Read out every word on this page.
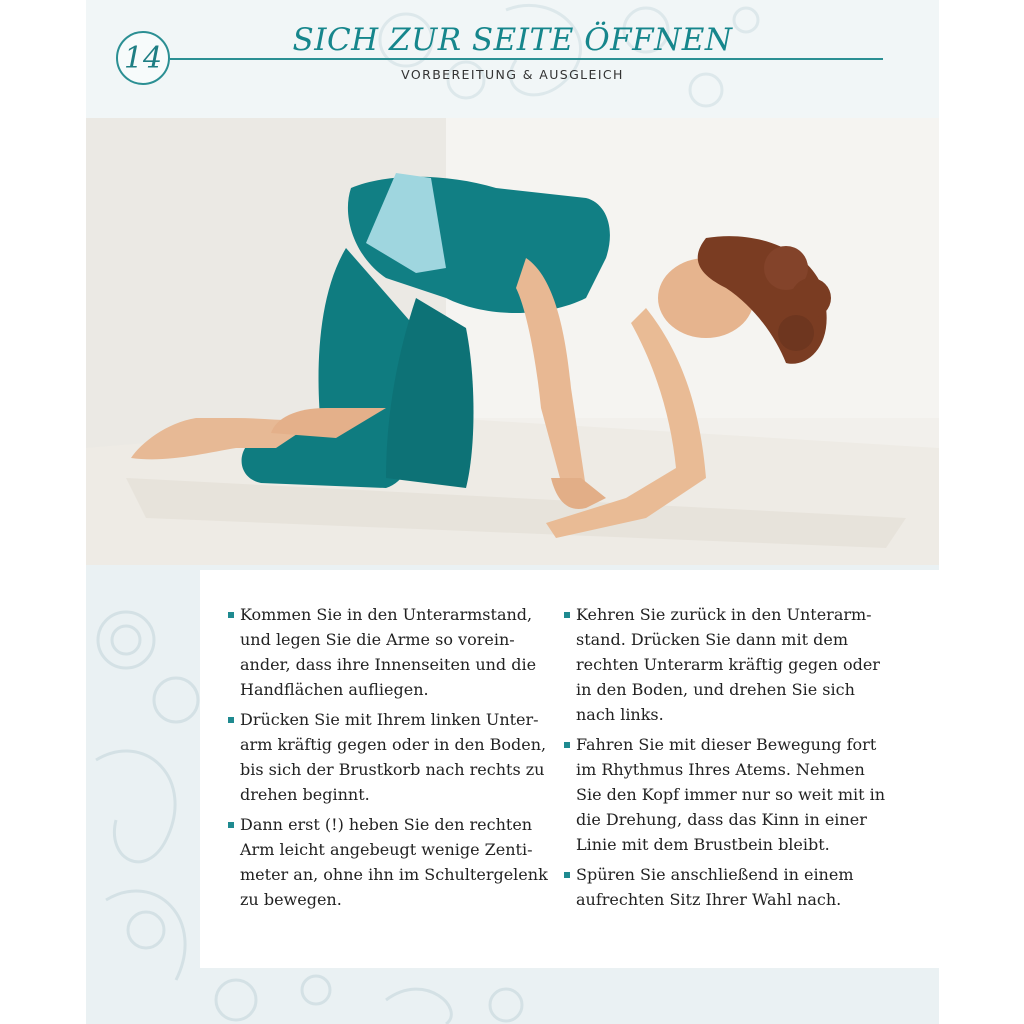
14	SICH ZUR SEITE ÖFFNEN
VORBEREITUNG & AUSGLEICH
Kommen Sie in den Unterarmstand, und legen Sie die Arme so vorein-ander, dass ihre Innenseiten und die Handflächen aufliegen.
Drücken Sie mit Ihrem linken Unter-arm kräftig gegen oder in den Boden, bis sich der Brustkorb nach rechts zu drehen beginnt.
Dann erst (!) heben Sie den rechten Arm leicht angebeugt wenige Zenti-meter an, ohne ihn im Schultergelenk zu bewegen.
Kehren Sie zurück in den Unterarm-stand. Drücken Sie dann mit dem rechten Unterarm kräftig gegen oder in den Boden, und drehen Sie sich nach links.
Fahren Sie mit dieser Bewegung fort im Rhythmus Ihres Atems. Nehmen Sie den Kopf immer nur so weit mit in die Drehung, dass das Kinn in einer Linie mit dem Brustbein bleibt.
Spüren Sie anschließend in einem aufrechten Sitz Ihrer Wahl nach.
